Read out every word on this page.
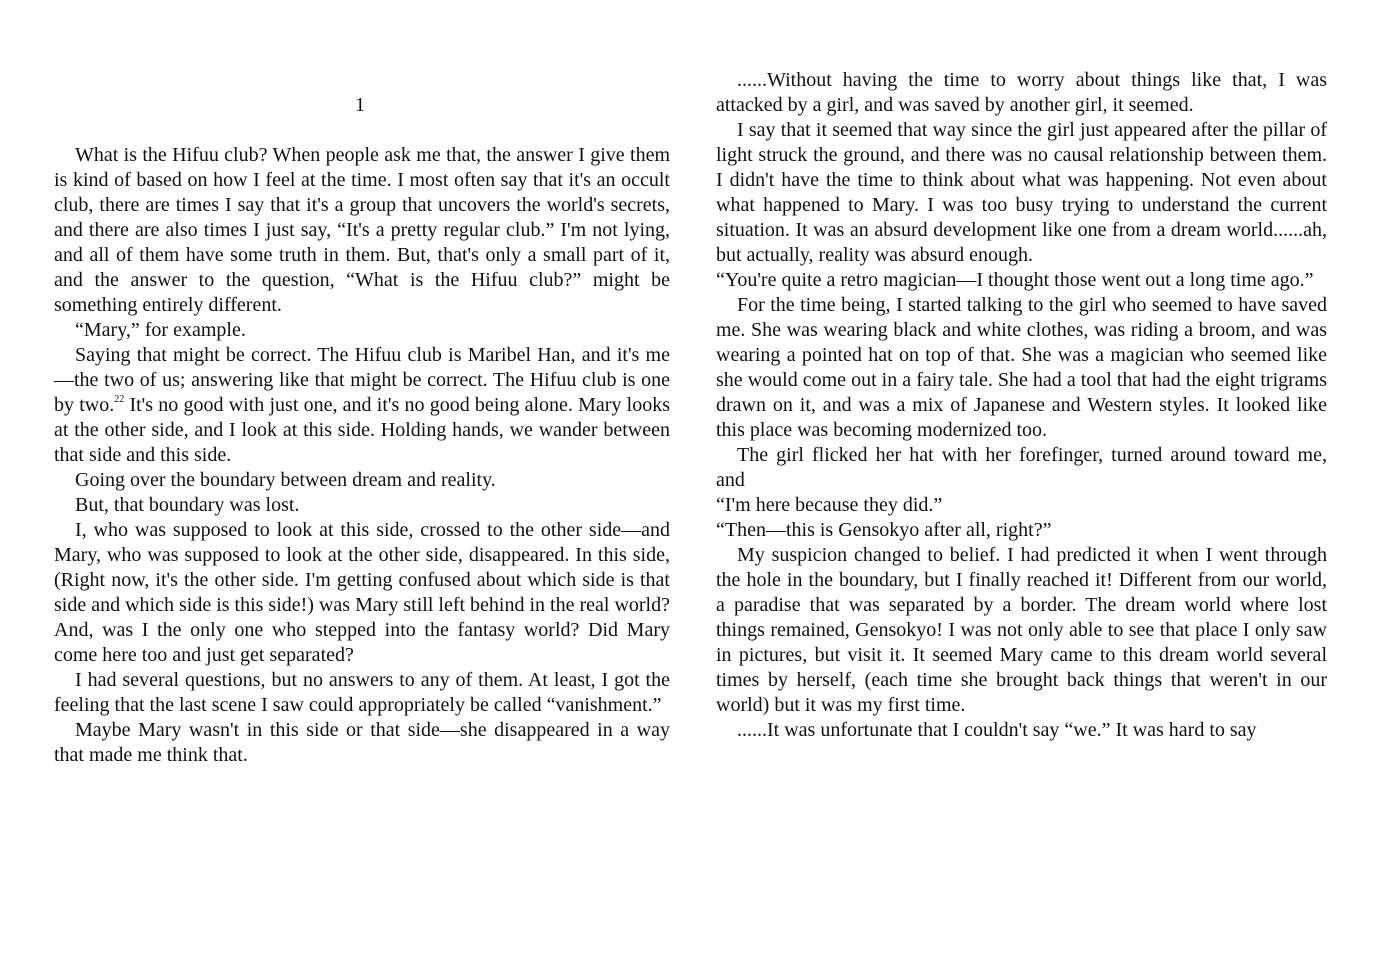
1

What is the Hifuu club? When people ask me that, the answer I give them is kind of based on how I feel at the time. I most often say that it's an occult club, there are times I say that it's a group that uncovers the world's secrets, and there are also times I just say, “It's a pretty regular club.” I'm not lying, and all of them have some truth in them. But, that's only a small part of it, and the answer to the question, “What is the Hifuu club?” might be something entirely different.

“Mary,” for example.

Saying that might be correct. The Hifuu club is Maribel Han, and it's me—the two of us; answering like that might be correct. The Hifuu club is one by two.$^{22}$ It's no good with just one, and it's no good being alone. Mary looks at the other side, and I look at this side. Holding hands, we wander between that side and this side.

Going over the boundary between dream and reality.

But, that boundary was lost.

I, who was supposed to look at this side, crossed to the other side—and Mary, who was supposed to look at the other side, disappeared. In this side, (Right now, it's the other side. I'm getting confused about which side is that side and which side is this side!) was Mary still left behind in the real world? And, was I the only one who stepped into the fantasy world? Did Mary come here too and just get separated?

I had several questions, but no answers to any of them. At least, I got the feeling that the last scene I saw could appropriately be called “vanishment.”

Maybe Mary wasn't in this side or that side—she disappeared in a way that made me think that.

......Without having the time to worry about things like that, I was attacked by a girl, and was saved by another girl, it seemed.

I say that it seemed that way since the girl just appeared after the pillar of light struck the ground, and there was no causal relationship between them. I didn't have the time to think about what was happening. Not even about what happened to Mary. I was too busy trying to understand the current situation. It was an absurd development like one from a dream world......ah, but actually, reality was absurd enough.

“You're quite a retro magician—I thought those went out a long time ago.”

For the time being, I started talking to the girl who seemed to have saved me. She was wearing black and white clothes, was riding a broom, and was wearing a pointed hat on top of that. She was a magician who seemed like she would come out in a fairy tale. She had a tool that had the eight trigrams drawn on it, and was a mix of Japanese and Western styles. It looked like this place was becoming modernized too.

The girl flicked her hat with her forefinger, turned around toward me, and

“I'm here because they did.”

“Then—this is Gensokyo after all, right?”

My suspicion changed to belief. I had predicted it when I went through the hole in the boundary, but I finally reached it! Different from our world, a paradise that was separated by a border. The dream world where lost things remained, Gensokyo! I was not only able to see that place I only saw in pictures, but visit it. It seemed Mary came to this dream world several times by herself, (each time she brought back things that weren't in our world) but it was my first time.

......It was unfortunate that I couldn't say “we.” It was hard to say
